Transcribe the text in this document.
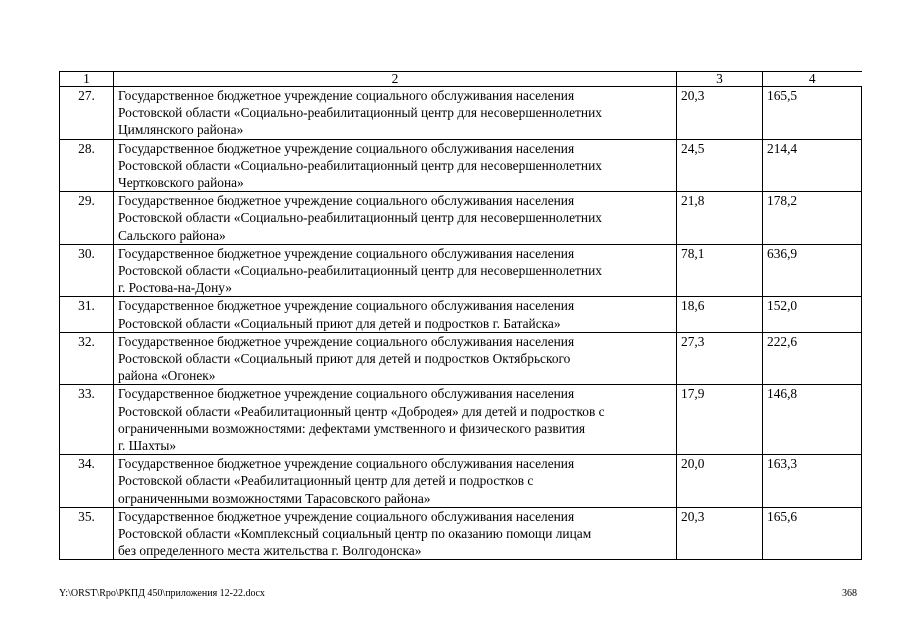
1	2	3	4
27.	Государственное бюджетное учреждение социального обслуживания населения
Ростовской области «Социально-реабилитационный центр для несовершеннолетних
Цимлянского района»	20,3	165,5
28.	Государственное бюджетное учреждение социального обслуживания населения
Ростовской области «Социально-реабилитационный центр для несовершеннолетних
Чертковского района»	24,5	214,4
29.	Государственное бюджетное учреждение социального обслуживания населения
Ростовской области «Социально-реабилитационный центр для несовершеннолетних
Сальского района»	21,8	178,2
30.	Государственное бюджетное учреждение социального обслуживания населения
Ростовской области «Социально-реабилитационный центр для несовершеннолетних
г. Ростова-на-Дону»	78,1	636,9
31.	Государственное бюджетное учреждение социального обслуживания населения
Ростовской области «Социальный приют для детей и подростков г. Батайска»	18,6	152,0
32.	Государственное бюджетное учреждение социального обслуживания населения
Ростовской области «Социальный приют для детей и подростков Октябрьского
района «Огонек»	27,3	222,6
33.	Государственное бюджетное учреждение социального обслуживания населения
Ростовской области «Реабилитационный центр «Добродея» для детей и подростков с
ограниченными возможностями: дефектами умственного и физического развития
г. Шахты»	17,9	146,8
34.	Государственное бюджетное учреждение социального обслуживания населения
Ростовской области «Реабилитационный центр для детей и подростков с
ограниченными возможностями Тарасовского района»	20,0	163,3
35.	Государственное бюджетное учреждение социального обслуживания населения
Ростовской области «Комплексный социальный центр по оказанию помощи лицам
без определенного места жительства г. Волгодонска»	20,3	165,6
Y:\ORST\Rpo\РКПД 450\приложения 12-22.docx	368
